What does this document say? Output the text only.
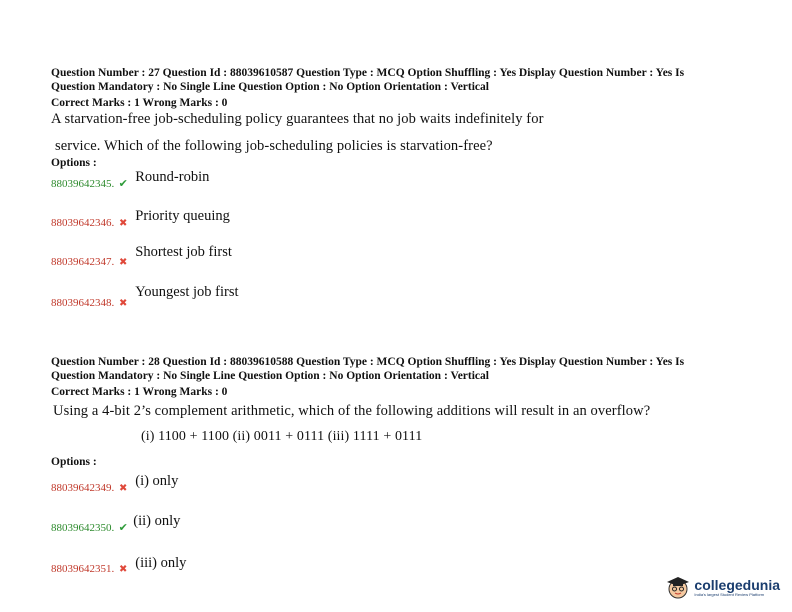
Question Number : 27 Question Id : 88039610587 Question Type : MCQ Option Shuffling : Yes Display Question Number : Yes Is
Question Mandatory : No Single Line Question Option : No Option Orientation : Vertical
Correct Marks : 1 Wrong Marks : 0
A starvation-free job-scheduling policy guarantees that no job waits indefinitely for
service. Which of the following job-scheduling policies is starvation-free?
Options :
88039642345. ✔ Round-robin
88039642346. ✖ Priority queuing
88039642347. ✖ Shortest job first
88039642348. ✖ Youngest job first
Question Number : 28 Question Id : 88039610588 Question Type : MCQ Option Shuffling : Yes Display Question Number : Yes Is
Question Mandatory : No Single Line Question Option : No Option Orientation : Vertical
Correct Marks : 1 Wrong Marks : 0
Using a 4-bit 2’s complement arithmetic, which of the following additions will result in an overflow?
(i) 1100 + 1100 (ii) 0011 + 0111 (iii) 1111 + 0111
Options :
88039642349. ✖ (i) only
88039642350. ✔ (ii) only
88039642351. ✖ (iii) only
collegedunia
India's largest Student Review Platform
